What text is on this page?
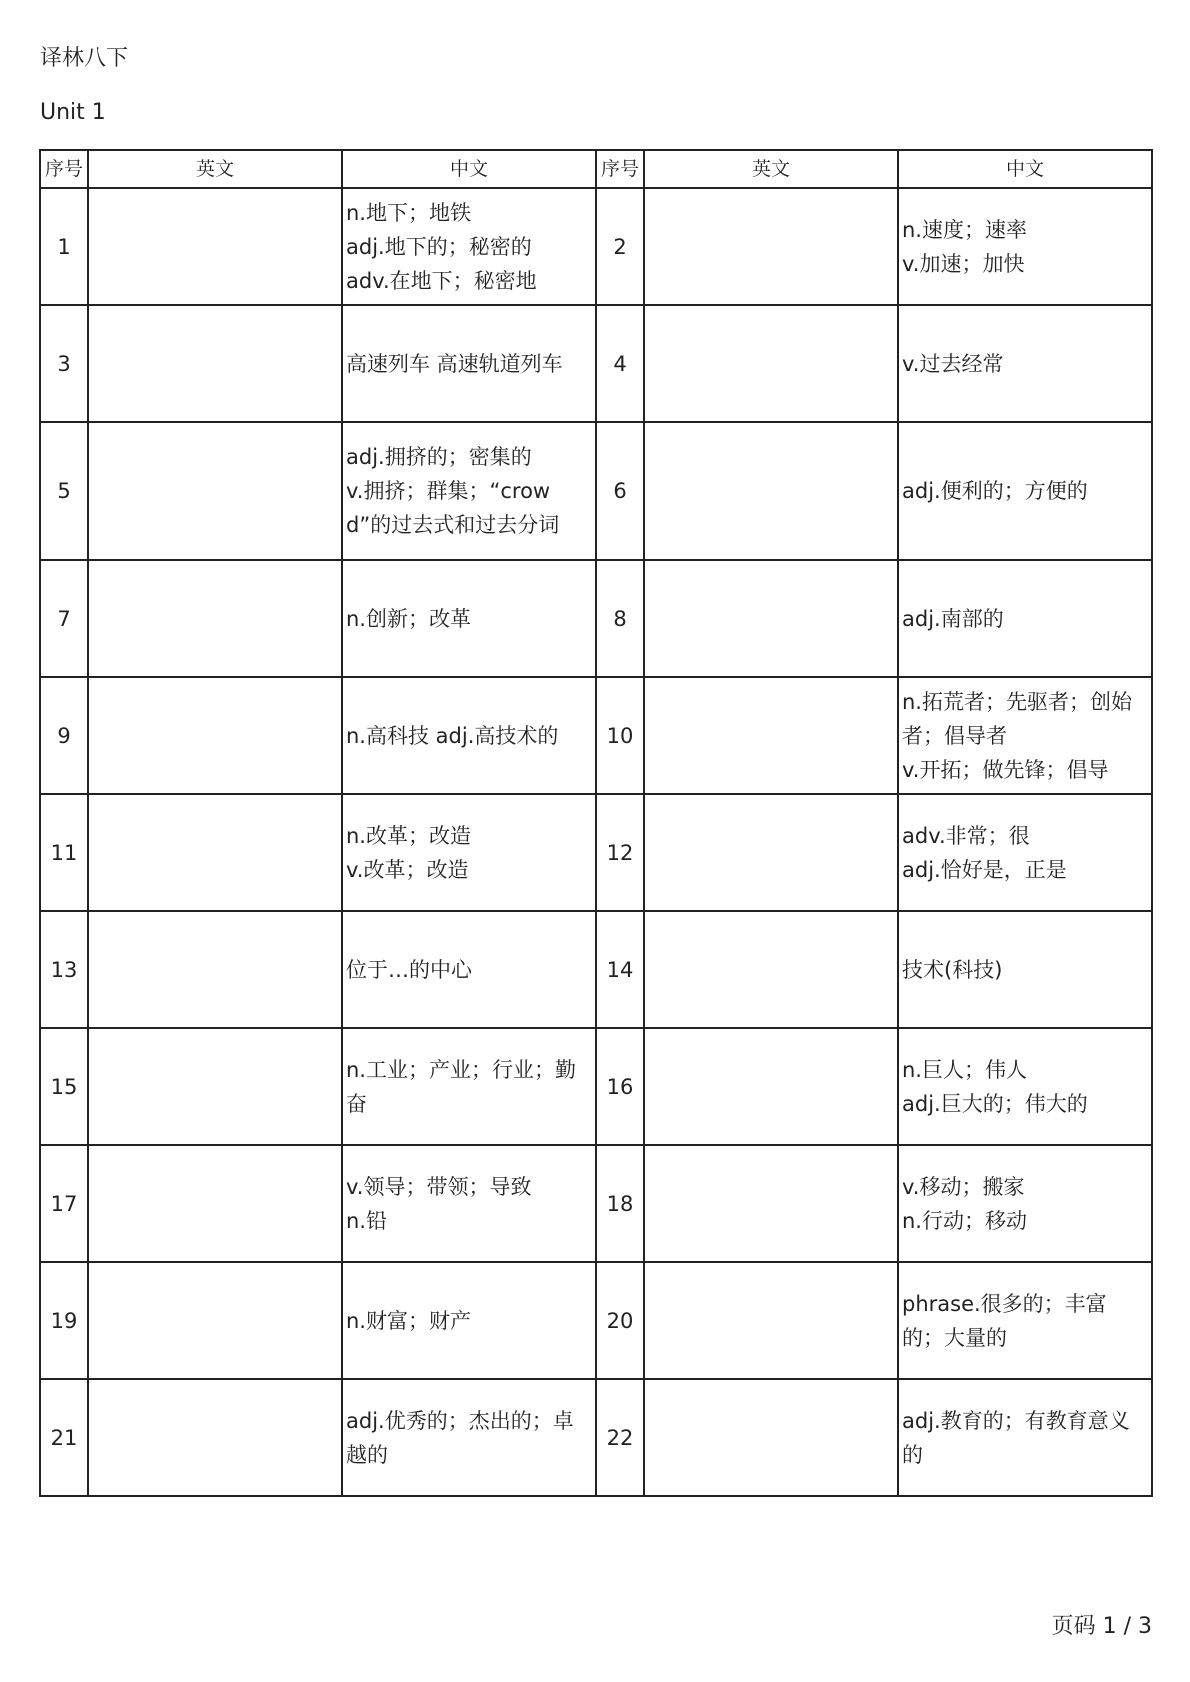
译林八下
Unit 1
序号	英文	中文	序号	英文	中文
1		n.地下；地铁
adj.地下的；秘密的
adv.在地下；秘密地	2		n.速度；速率
v.加速；加快
3		高速列车 高速轨道列车	4		v.过去经常
5		adj.拥挤的；密集的
v.拥挤；群集；“crowd”的过去式和过去分词	6		adj.便利的；方便的
7		n.创新；改革	8		adj.南部的
9		n.高科技 adj.高技术的	10		n.拓荒者；先驱者；创始者；倡导者
v.开拓；做先锋；倡导
11		n.改革；改造
v.改革；改造	12		adv.非常；很
adj.恰好是，正是
13		位于…的中心	14		技术(科技)
15		n.工业；产业；行业；勤奋	16		n.巨人；伟人
adj.巨大的；伟大的
17		v.领导；带领；导致
n.铅	18		v.移动；搬家
n.行动；移动
19		n.财富；财产	20		phrase.很多的；丰富的；大量的
21		adj.优秀的；杰出的；卓越的	22		adj.教育的；有教育意义的
页码 1 / 3
